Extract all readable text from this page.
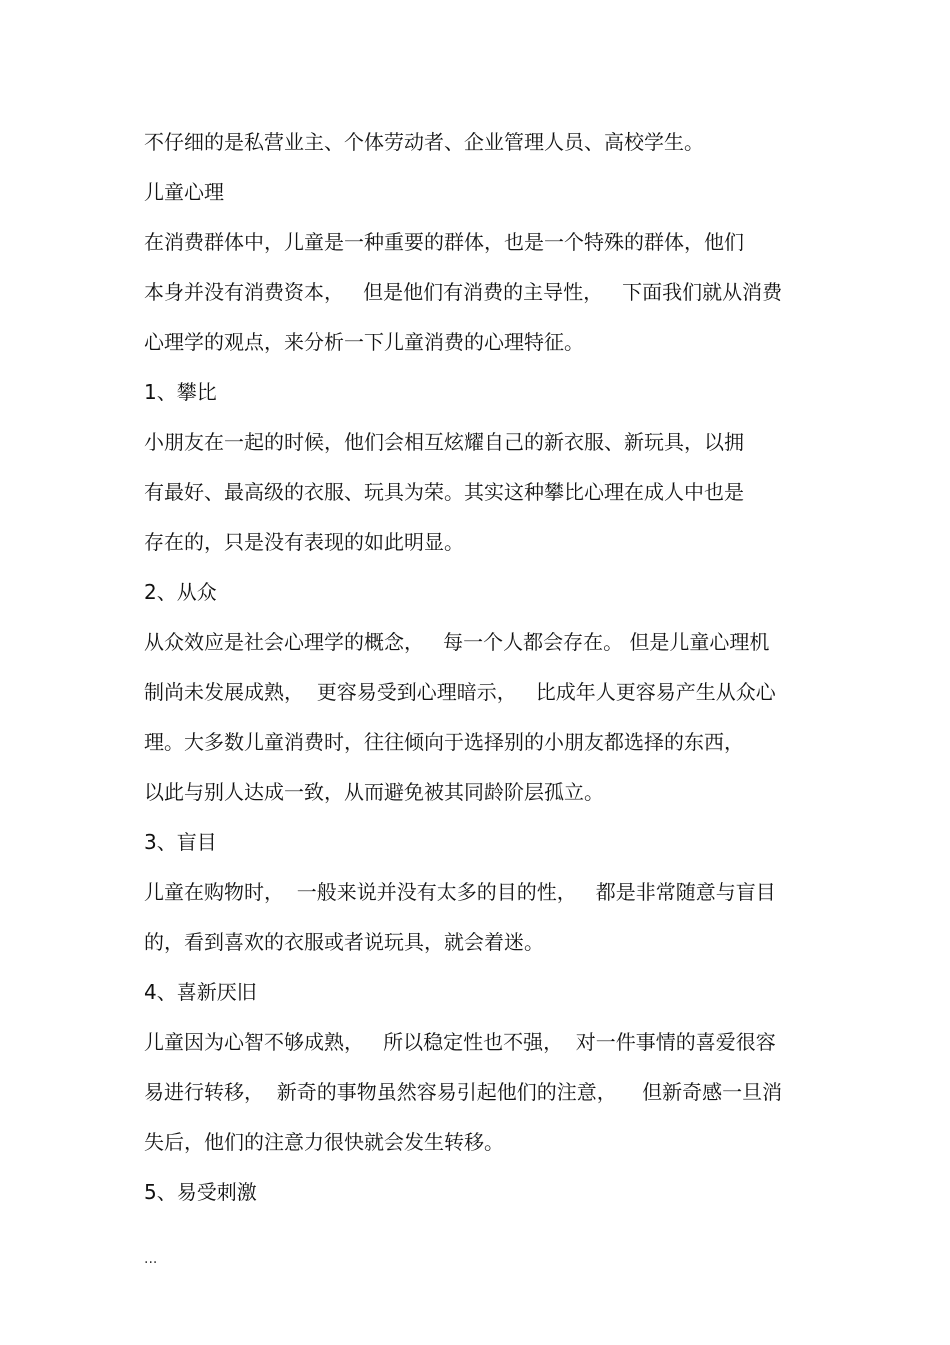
不仔细的是私营业主、个体劳动者、企业管理人员、高校学生。
儿童心理
在消费群体中，儿童是一种重要的群体，也是一个特殊的群体，他们
本身并没有消费资本，   但是他们有消费的主导性，   下面我们就从消费
心理学的观点，来分析一下儿童消费的心理特征。
1、攀比
小朋友在一起的时候，他们会相互炫耀自己的新衣服、新玩具，以拥
有最好、最高级的衣服、玩具为荣。其实这种攀比心理在成人中也是
存在的，只是没有表现的如此明显。
2、从众
从众效应是社会心理学的概念，   每一个人都会存在。 但是儿童心理机
制尚未发展成熟，  更容易受到心理暗示，   比成年人更容易产生从众心
理。大多数儿童消费时，往往倾向于选择别的小朋友都选择的东西，
以此与别人达成一致，从而避免被其同龄阶层孤立。
3、盲目
儿童在购物时，  一般来说并没有太多的目的性，   都是非常随意与盲目
的，看到喜欢的衣服或者说玩具，就会着迷。
4、喜新厌旧
儿童因为心智不够成熟，   所以稳定性也不强，  对一件事情的喜爱很容
易进行转移，  新奇的事物虽然容易引起他们的注意，    但新奇感一旦消
失后，他们的注意力很快就会发生转移。
5、易受刺激
...
